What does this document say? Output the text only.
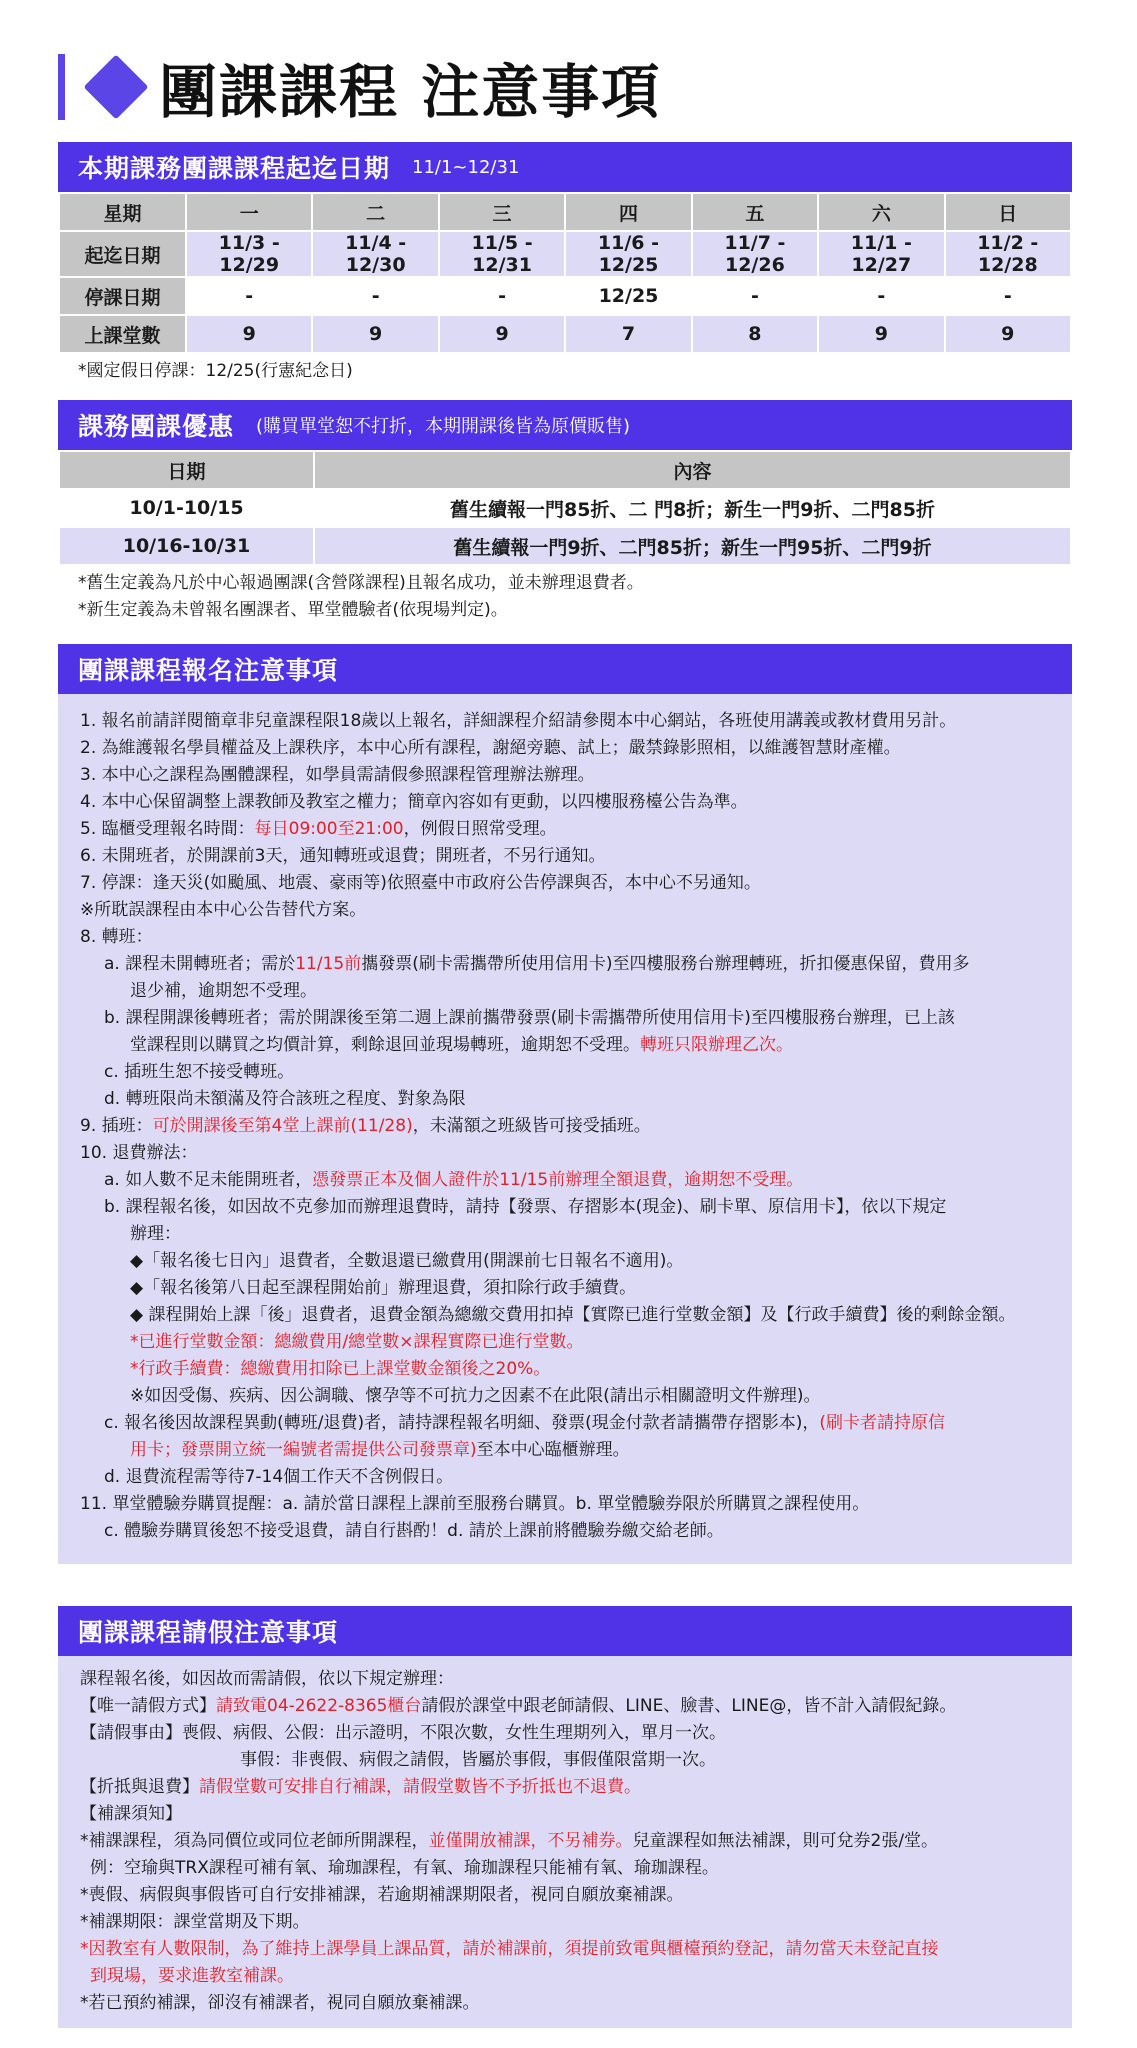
團課課程 注意事項
本期課務團課課程起迄日期 11/1~12/31
星期	一	二	三	四	五	六	日
起迄日期	11/3 - 12/29	11/4 - 12/30	11/5 - 12/31	11/6 - 12/25	11/7 - 12/26	11/1 - 12/27	11/2 - 12/28
停課日期	-	-	-	12/25	-	-	-
上課堂數	9	9	9	7	8	9	9
*國定假日停課：12/25(行憲紀念日)
課務團課優惠 (購買單堂恕不打折，本期開課後皆為原價販售)
日期	內容
10/1-10/15	舊生續報一門85折、二 門8折；新生一門9折、二門85折
10/16-10/31	舊生續報一門9折、二門85折；新生一門95折、二門9折
*舊生定義為凡於中心報過團課(含營隊課程)且報名成功，並未辦理退費者。
*新生定義為未曾報名團課者、單堂體驗者(依現場判定)。
團課課程報名注意事項
1. 報名前請詳閱簡章非兒童課程限18歲以上報名，詳細課程介紹請參閱本中心網站，各班使用講義或教材費用另計。
2. 為維護報名學員權益及上課秩序，本中心所有課程，謝絕旁聽、試上；嚴禁錄影照相，以維護智慧財產權。
3. 本中心之課程為團體課程，如學員需請假參照課程管理辦法辦理。
4. 本中心保留調整上課教師及教室之權力；簡章內容如有更動，以四樓服務檯公告為準。
5. 臨櫃受理報名時間：每日09:00至21:00，例假日照常受理。
6. 未開班者，於開課前3天，通知轉班或退費；開班者，不另行通知。
7. 停課：逢天災(如颱風、地震、豪雨等)依照臺中市政府公告停課與否，本中心不另通知。
※所耽誤課程由本中心公告替代方案。
8. 轉班：
a. 課程未開轉班者；需於11/15前攜發票(刷卡需攜帶所使用信用卡)至四樓服務台辦理轉班，折扣優惠保留，費用多
退少補，逾期恕不受理。
b. 課程開課後轉班者；需於開課後至第二週上課前攜帶發票(刷卡需攜帶所使用信用卡)至四樓服務台辦理，已上該
堂課程則以購買之均價計算，剩餘退回並現場轉班，逾期恕不受理。轉班只限辦理乙次。
c. 插班生恕不接受轉班。
d. 轉班限尚未額滿及符合該班之程度、對象為限
9. 插班：可於開課後至第4堂上課前(11/28)，未滿額之班級皆可接受插班。
10. 退費辦法：
a. 如人數不足未能開班者，憑發票正本及個人證件於11/15前辦理全額退費，逾期恕不受理。
b. 課程報名後，如因故不克參加而辦理退費時，請持【發票、存摺影本(現金)、刷卡單、原信用卡】，依以下規定
辦理：
◆「報名後七日內」退費者，全數退還已繳費用(開課前七日報名不適用)。
◆「報名後第八日起至課程開始前」辦理退費，須扣除行政手續費。
◆ 課程開始上課「後」退費者，退費金額為總繳交費用扣掉【實際已進行堂數金額】及【行政手續費】後的剩餘金額。
*已進行堂數金額：總繳費用/總堂數×課程實際已進行堂數。
*行政手續費：總繳費用扣除已上課堂數金額後之20%。
※如因受傷、疾病、因公調職、懷孕等不可抗力之因素不在此限(請出示相關證明文件辦理)。
c. 報名後因故課程異動(轉班/退費)者，請持課程報名明細、發票(現金付款者請攜帶存摺影本)，(刷卡者請持原信
用卡；發票開立統一編號者需提供公司發票章)至本中心臨櫃辦理。
d. 退費流程需等待7-14個工作天不含例假日。
11. 單堂體驗券購買提醒：a. 請於當日課程上課前至服務台購買。b. 單堂體驗券限於所購買之課程使用。
c. 體驗券購買後恕不接受退費，請自行斟酌！d. 請於上課前將體驗券繳交給老師。
團課課程請假注意事項
課程報名後，如因故而需請假，依以下規定辦理：
【唯一請假方式】請致電04-2622-8365櫃台請假於課堂中跟老師請假、LINE、臉書、LINE@，皆不計入請假紀錄。
【請假事由】喪假、病假、公假：出示證明，不限次數，女性生理期列入，單月一次。
事假：非喪假、病假之請假，皆屬於事假，事假僅限當期一次。
【折抵與退費】請假堂數可安排自行補課，請假堂數皆不予折抵也不退費。
【補課須知】
*補課課程，須為同價位或同位老師所開課程，並僅開放補課，不另補券。兒童課程如無法補課，則可兌券2張/堂。
例：空瑜與TRX課程可補有氧、瑜珈課程，有氧、瑜珈課程只能補有氧、瑜珈課程。
*喪假、病假與事假皆可自行安排補課，若逾期補課期限者，視同自願放棄補課。
*補課期限：課堂當期及下期。
*因教室有人數限制，為了維持上課學員上課品質，請於補課前，須提前致電與櫃檯預約登記，請勿當天未登記直接
到現場，要求進教室補課。
*若已預約補課，卻沒有補課者，視同自願放棄補課。
